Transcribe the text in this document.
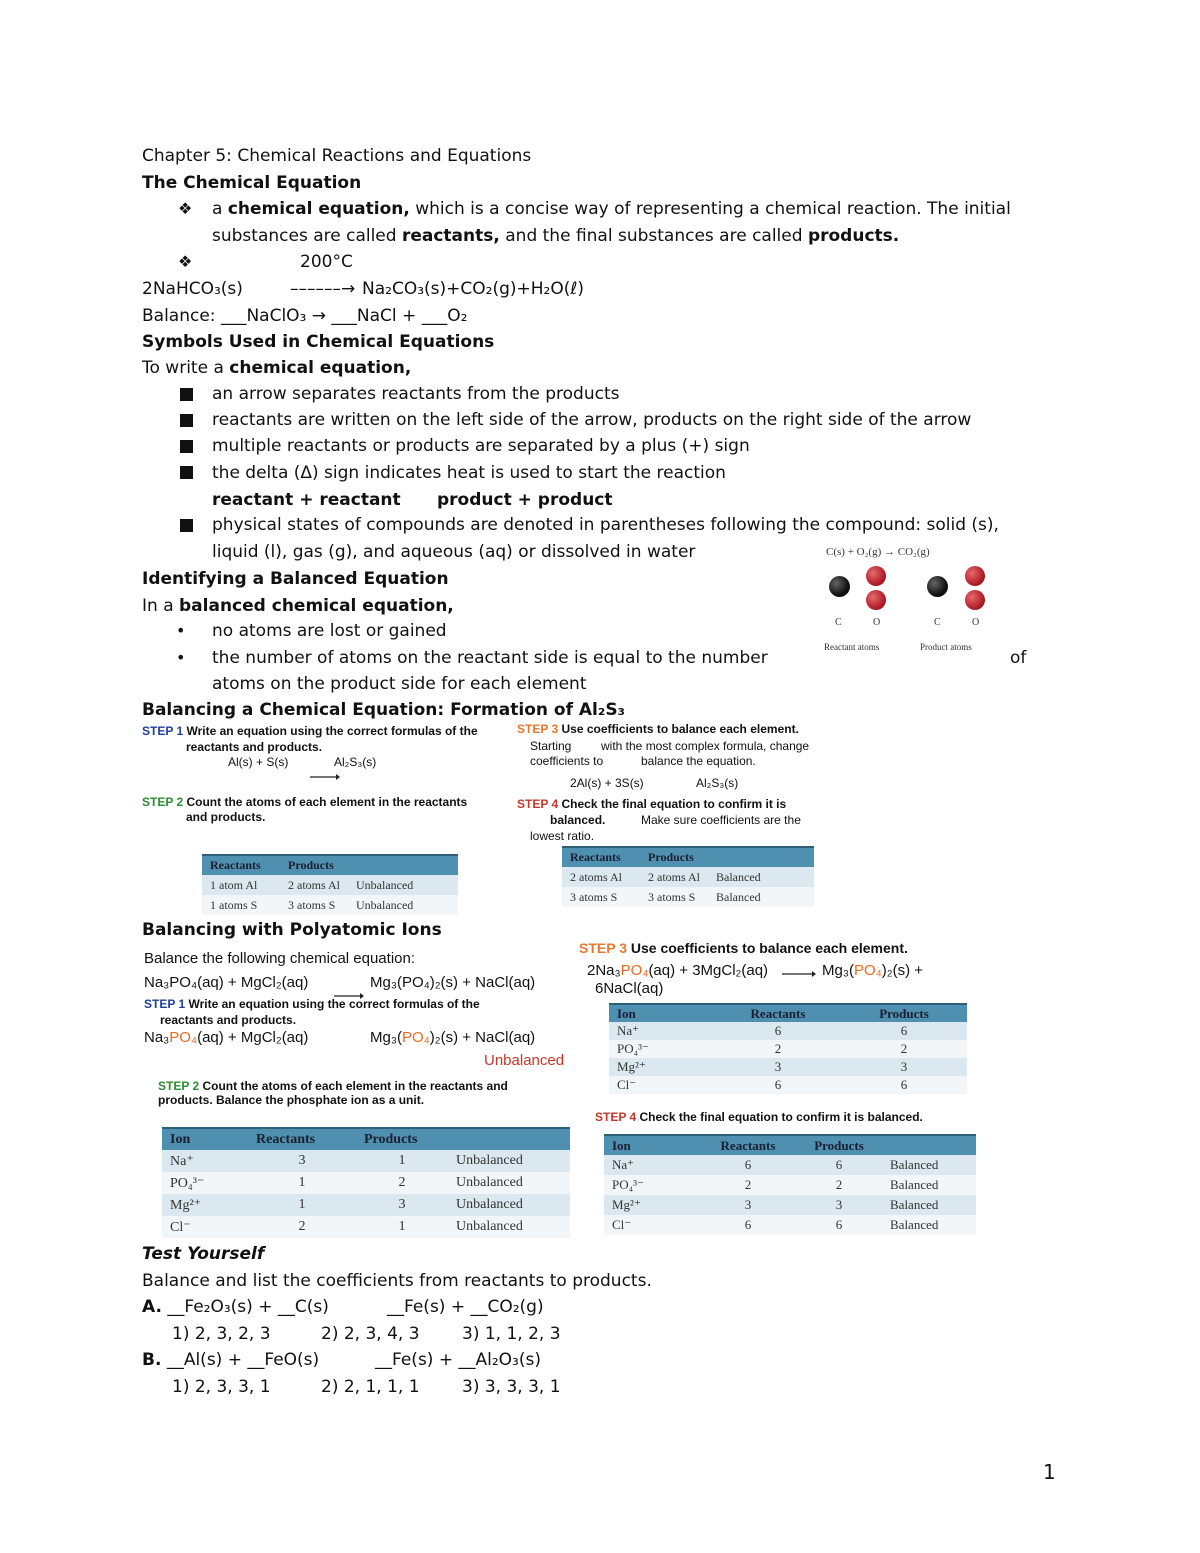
Chapter 5: Chemical Reactions and Equations
The Chemical Equation
❖ a chemical equation, which is a concise way of representing a chemical reaction. The initial
substances are called reactants, and the final substances are called products.
❖	200°C
2NaHCO₃(s)	––––––→ Na₂CO₃(s)+CO₂(g)+H₂O(ℓ)
Balance: ___NaClO₃ → ___NaCl + ___O₂
Symbols Used in Chemical Equations
To write a chemical equation,
an arrow separates reactants from the products
reactants are written on the left side of the arrow, products on the right side of the arrow
multiple reactants or products are separated by a plus (+) sign
the delta (Δ) sign indicates heat is used to start the reaction
reactant + reactant product + product
physical states of compounds are denoted in parentheses following the compound: solid (s),
liquid (l), gas (g), and aqueous (aq) or dissolved in water	C(s) + O₂(g) → CO₂(g)
C	O	C	O
Reactant atoms	Product atoms
Identifying a Balanced Equation
In a balanced chemical equation,
• no atoms are lost or gained
• the number of atoms on the reactant side is equal to the number	of
atoms on the product side for each element
Balancing a Chemical Equation: Formation of Al₂S₃
STEP 1 Write an equation using the correct formulas of the
reactants and products.
Al(s) + S(s)	Al₂S₃(s)
STEP 2 Count the atoms of each element in the reactants
and products.
STEP 3 Use coefficients to balance each element.
Starting with the most complex formula, change
coefficients to	balance the equation.
2Al(s) + 3S(s)	Al₂S₃(s)
STEP 4 Check the final equation to confirm it is
balanced.	Make sure coefficients are the
lowest ratio.
Reactants	Products	
1 atom Al	2 atoms Al	Unbalanced
1 atoms S	3 atoms S	Unbalanced
Reactants	Products	
2 atoms Al	2 atoms Al	Balanced
3 atoms S	3 atoms S	Balanced
Balancing with Polyatomic Ions
Balance the following chemical equation:
Na₃PO₄(aq) + MgCl₂(aq)	Mg₃(PO₄)₂(s) + NaCl(aq)
STEP 1 Write an equation using the correct formulas of the
reactants and products.
Na₃PO₄(aq) + MgCl₂(aq)	Mg₃(PO₄)₂(s) + NaCl(aq)
Unbalanced
STEP 2 Count the atoms of each element in the reactants and
products. Balance the phosphate ion as a unit.
Ion	Reactants	Products	
Na⁺	3	1	Unbalanced
PO₄³⁻	1	2	Unbalanced
Mg²⁺	1	3	Unbalanced
Cl⁻	2	1	Unbalanced
STEP 3 Use coefficients to balance each element.
2Na₃PO₄(aq) + 3MgCl₂(aq)	Mg₃(PO₄)₂(s) +
6NaCl(aq)
Ion	Reactants	Products
Na⁺	6	6
PO₄³⁻	2	2
Mg²⁺	3	3
Cl⁻	6	6
STEP 4 Check the final equation to confirm it is balanced.
Ion	Reactants	Products	
Na⁺	6	6	Balanced
PO₄³⁻	2	2	Balanced
Mg²⁺	3	3	Balanced
Cl⁻	6	6	Balanced
Test Yourself
Balance and list the coefficients from reactants to products.
A. __Fe₂O₃(s) + __C(s)	__Fe(s) + __CO₂(g)
1) 2, 3, 2, 3	2) 2, 3, 4, 3 3) 1, 1, 2, 3
B. __Al(s) + __FeO(s)	__Fe(s) + __Al₂O₃(s)
1) 2, 3, 3, 1	2) 2, 1, 1, 1 3) 3, 3, 3, 1
1
